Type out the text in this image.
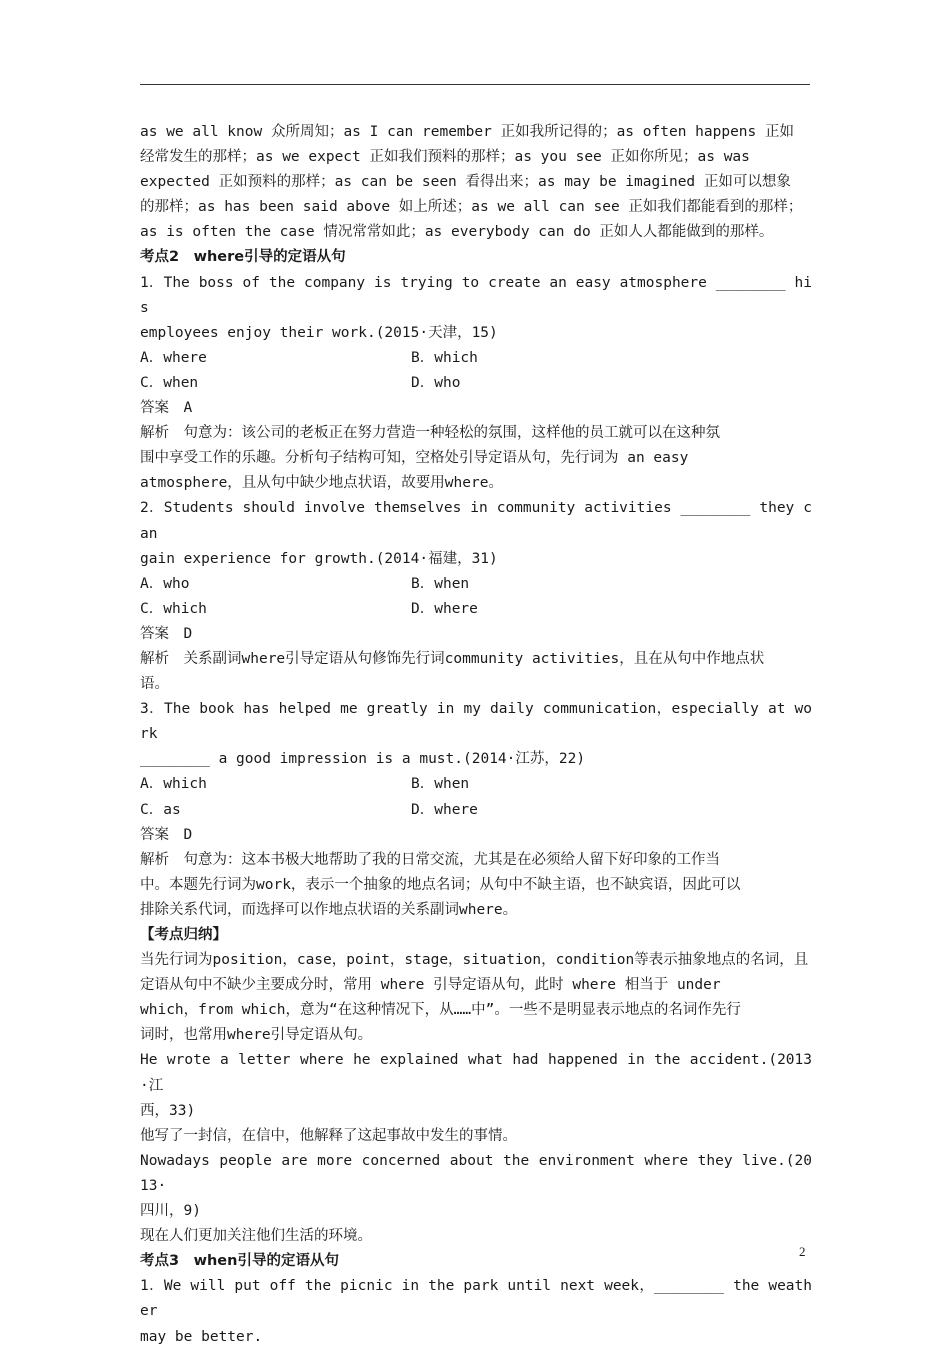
as we all know 众所周知；as I can remember 正如我所记得的；as often happens 正如

经常发生的那样；as we expect 正如我们预料的那样；as you see 正如你所见；as was

expected 正如预料的那样；as can be seen 看得出来；as may be imagined 正如可以想象

的那样；as has been said above 如上所述；as we all can see 正如我们都能看到的那样；

as is often the case 情况常常如此；as everybody can do 正如人人都能做到的那样。

考点2　where引导的定语从句

1．The boss of the company is trying to create an easy atmosphere ________ his

employees enjoy their work.(2015·天津，15)

A．where	B．which
C．when	D．who

答案　A

解析　句意为：该公司的老板正在努力营造一种轻松的氛围，这样他的员工就可以在这种氛

围中享受工作的乐趣。分析句子结构可知，空格处引导定语从句，先行词为 an easy

atmosphere，且从句中缺少地点状语，故要用where。

2．Students should involve themselves in community activities ________ they can

gain experience for growth.(2014·福建，31)

A．who	B．when
C．which	D．where

答案　D

解析　关系副词where引导定语从句修饰先行词community activities，且在从句中作地点状

语。

3．The book has helped me greatly in my daily communication，especially at work

________ a good impression is a must.(2014·江苏，22)

A．which	B．when
C．as	D．where

答案　D

解析　句意为：这本书极大地帮助了我的日常交流，尤其是在必须给人留下好印象的工作当

中。本题先行词为work，表示一个抽象的地点名词；从句中不缺主语，也不缺宾语，因此可以

排除关系代词，而选择可以作地点状语的关系副词where。

【考点归纳】

当先行词为position，case，point，stage，situation，condition等表示抽象地点的名词，且

定语从句中不缺少主要成分时，常用 where 引导定语从句，此时 where 相当于 under

which，from which，意为“在这种情况下，从……中”。一些不是明显表示地点的名词作先行

词时，也常用where引导定语从句。

He wrote a letter where he explained what had happened in the accident.(2013·江

西，33)

他写了一封信，在信中，他解释了这起事故中发生的事情。

Nowadays people are more concerned about the environment where they live.(2013·

四川，9)

现在人们更加关注他们生活的环境。

考点3　when引导的定语从句

1．We will put off the picnic in the park until next week，________ the weather

may be better.

2
